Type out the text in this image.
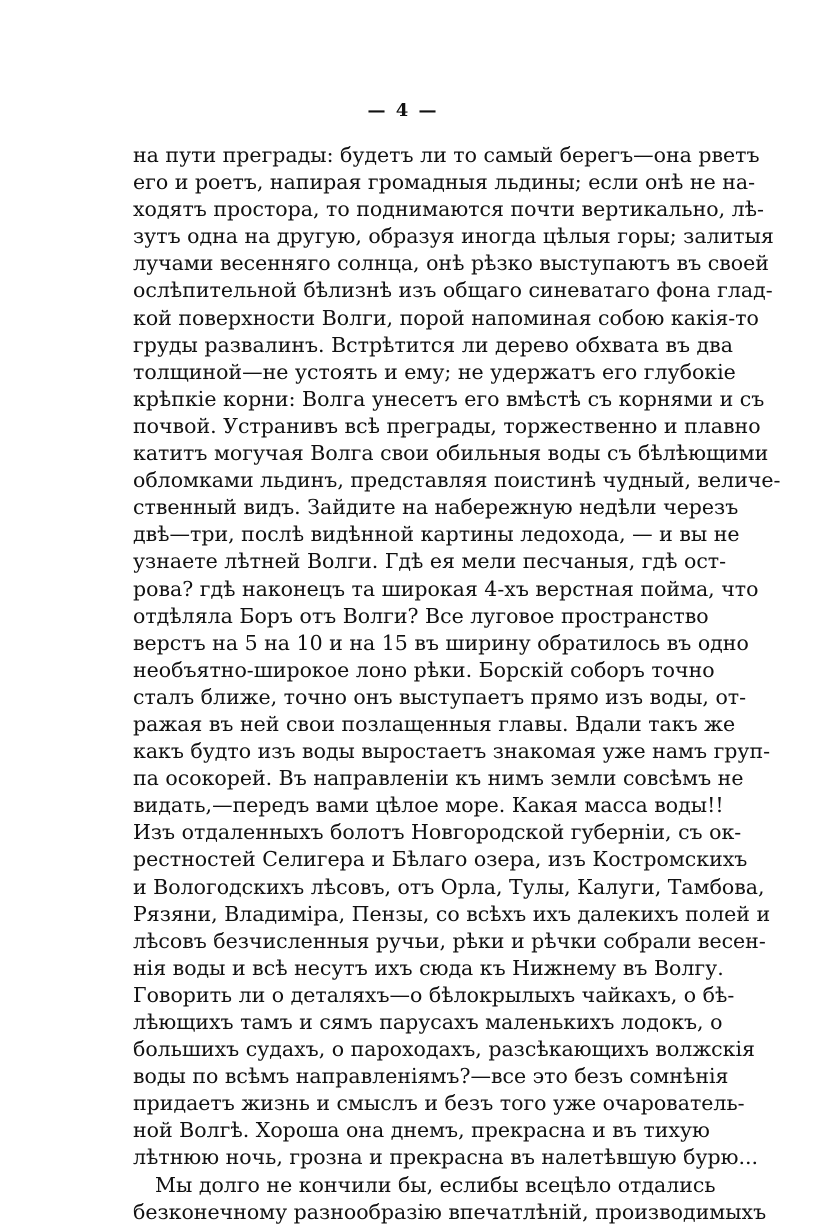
— 4 —
на пути преграды: будетъ ли то самый берегъ—она рветъ
его и роетъ, напирая громадныя льдины; если онѣ не на-
ходятъ простора, то поднимаются почти вертикально, лѣ-
зутъ одна на другую, образуя иногда цѣлыя горы; залитыя
лучами весенняго солнца, онѣ рѣзко выступаютъ въ своей
ослѣпительной бѣлизнѣ изъ общаго синеватаго фона глад-
кой поверхности Волги, порой напоминая собою какія-то
груды развалинъ. Встрѣтится ли дерево обхвата въ два
толщиной—не устоять и ему; не удержатъ его глубокіе
крѣпкіе корни: Волга унесетъ его вмѣстѣ съ корнями и съ
почвой. Устранивъ всѣ преграды, торжественно и плавно
катитъ могучая Волга свои обильныя воды съ бѣлѣющими
обломками льдинъ, представляя поистинѣ чудный, величе-
ственный видъ. Зайдите на набережную недѣли черезъ
двѣ—три, послѣ видѣнной картины ледохода, — и вы не
узнаете лѣтней Волги. Гдѣ ея мели песчаныя, гдѣ ост-
рова? гдѣ наконецъ та широкая 4-хъ верстная пойма, что
отдѣляла Боръ отъ Волги? Все луговое пространство
верстъ на 5 на 10 и на 15 въ ширину обратилось въ одно
необъятно-широкое лоно рѣки. Борскій соборъ точно
сталъ ближе, точно онъ выступаетъ прямо изъ воды, от-
ражая въ ней свои позлащенныя главы. Вдали такъ же
какъ будто изъ воды выростаетъ знакомая уже намъ груп-
па осокорей. Въ направленіи къ нимъ земли совсѣмъ не
видать,—передъ вами цѣлое море. Какая масса воды!!
Изъ отдаленныхъ болотъ Новгородской губерніи, съ ок-
рестностей Селигера и Бѣлаго озера, изъ Костромскихъ
и Вологодскихъ лѣсовъ, отъ Орла, Тулы, Калуги, Тамбова,
Рязяни, Владиміра, Пензы, со всѣхъ ихъ далекихъ полей и
лѣсовъ безчисленныя ручьи, рѣки и рѣчки собрали весен-
нія воды и всѣ несутъ ихъ сюда къ Нижнему въ Волгу.
Говорить ли о деталяхъ—о бѣлокрылыхъ чайкахъ, о бѣ-
лѣющихъ тамъ и сямъ парусахъ маленькихъ лодокъ, о
большихъ судахъ, о пароходахъ, разсѣкающихъ волжскія
воды по всѣмъ направленіямъ?—все это безъ сомнѣнія
придаетъ жизнь и смыслъ и безъ того уже очарователь-
ной Волгѣ. Хороша она днемъ, прекрасна и въ тихую
лѣтнюю ночь, грозна и прекрасна въ налетѣвшую бурю...
Мы долго не кончили бы, еслибы всецѣло отдались
безконечному разнообразію впечатлѣній, производимыхъ
